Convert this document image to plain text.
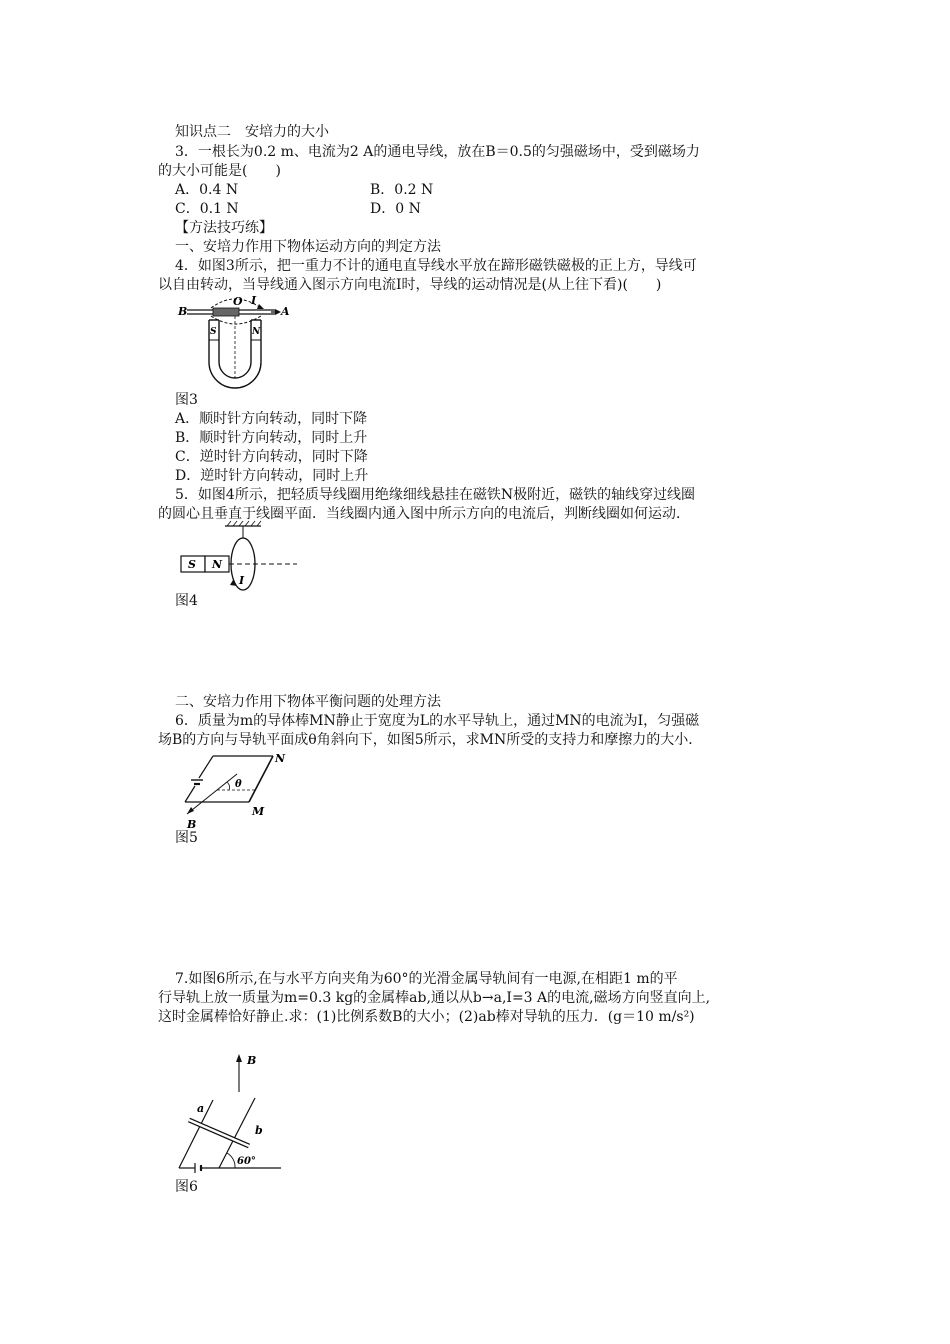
知识点二　安培力的大小
3．一根长为0.2 m、电流为2 A的通电导线，放在B＝0.5的匀强磁场中，受到磁场力
的大小可能是(　　)
A．0.4 N	B．0.2 N
C．0.1 N	D．0 N
【方法技巧练】
一、安培力作用下物体运动方向的判定方法
4．如图3所示，把一重力不计的通电直导线水平放在蹄形磁铁磁极的正上方，导线可
以自由转动，当导线通入图示方向电流I时，导线的运动情况是(从上往下看)(　　)
B
O I
A
S	N
图3
A．顺时针方向转动，同时下降
B．顺时针方向转动，同时上升
C．逆时针方向转动，同时下降
D．逆时针方向转动，同时上升
5．如图4所示，把轻质导线圈用绝缘细线悬挂在磁铁N极附近，磁铁的轴线穿过线圈
的圆心且垂直于线圈平面．当线圈内通入图中所示方向的电流后，判断线圈如何运动．
S N
I
图4
二、安培力作用下物体平衡问题的处理方法
6．质量为m的导体棒MN静止于宽度为L的水平导轨上，通过MN的电流为I，匀强磁
场B的方向与导轨平面成θ角斜向下，如图5所示，求MN所受的支持力和摩擦力的大小．
θ
N
M
B
图5
7.如图6所示,在与水平方向夹角为60°的光滑金属导轨间有一电源,在相距1 m的平
行导轨上放一质量为m=0.3 kg的金属棒ab,通以从b→a,I=3 A的电流,磁场方向竖直向上,
这时金属棒恰好静止.求：(1)比例系数B的大小；(2)ab棒对导轨的压力．(g＝10 m/s²)
B
a
b
60°
图6
